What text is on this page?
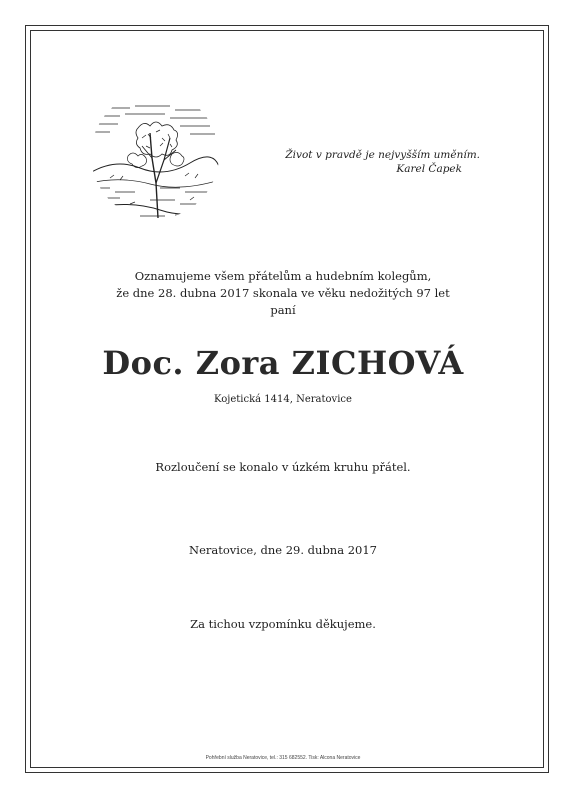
Život v pravdě je nejvyšším uměním.
Karel Čapek
Oznamujeme všem přátelům a hudebním kolegům,
že dne 28. dubna 2017 skonala ve věku nedožitých 97 let
paní
Doc. Zora ZICHOVÁ
Kojetická 1414, Neratovice
Rozloučení se konalo v úzkém kruhu přátel.
Neratovice, dne 29. dubna 2017
Za tichou vzpomínku děkujeme.
Pohřební služba Neratovice, tel.: 315 682552. Tisk: Alcona Neratovice
